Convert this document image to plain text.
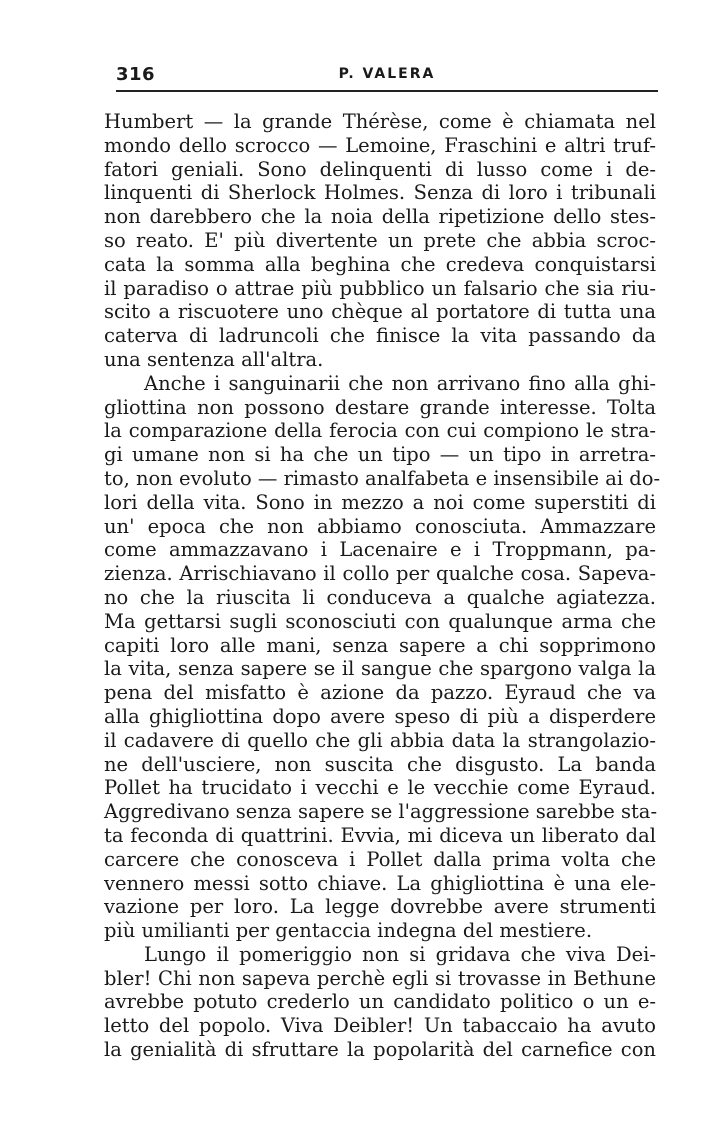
316	P. VALERA
Humbert — la grande Thérèse, come è chiamata nel
mondo dello scrocco — Lemoine, Fraschini e altri truf-
fatori geniali. Sono delinquenti di lusso come i de-
linquenti di Sherlock Holmes. Senza di loro i tribunali
non darebbero che la noia della ripetizione dello stes-
so reato. E' più divertente un prete che abbia scroc-
cata la somma alla beghina che credeva conquistarsi
il paradiso o attrae più pubblico un falsario che sia riu-
scito a riscuotere uno chèque al portatore di tutta una
caterva di ladruncoli che finisce la vita passando da
una sentenza all'altra.
Anche i sanguinarii che non arrivano fino alla ghi-
gliottina non possono destare grande interesse. Tolta
la comparazione della ferocia con cui compiono le stra-
gi umane non si ha che un tipo — un tipo in arretra-
to, non evoluto — rimasto analfabeta e insensibile ai do-
lori della vita. Sono in mezzo a noi come superstiti di
un' epoca che non abbiamo conosciuta. Ammazzare
come ammazzavano i Lacenaire e i Troppmann, pa-
zienza. Arrischiavano il collo per qualche cosa. Sapeva-
no che la riuscita li conduceva a qualche agiatezza.
Ma gettarsi sugli sconosciuti con qualunque arma che
capiti loro alle mani, senza sapere a chi sopprimono
la vita, senza sapere se il sangue che spargono valga la
pena del misfatto è azione da pazzo. Eyraud che va
alla ghigliottina dopo avere speso di più a disperdere
il cadavere di quello che gli abbia data la strangolazio-
ne dell'usciere, non suscita che disgusto. La banda
Pollet ha trucidato i vecchi e le vecchie come Eyraud.
Aggredivano senza sapere se l'aggressione sarebbe sta-
ta feconda di quattrini. Evvia, mi diceva un liberato dal
carcere che conosceva i Pollet dalla prima volta che
vennero messi sotto chiave. La ghigliottina è una ele-
vazione per loro. La legge dovrebbe avere strumenti
più umilianti per gentaccia indegna del mestiere.
Lungo il pomeriggio non si gridava che viva Dei-
bler! Chi non sapeva perchè egli si trovasse in Bethune
avrebbe potuto crederlo un candidato politico o un e-
letto del popolo. Viva Deibler! Un tabaccaio ha avuto
la genialità di sfruttare la popolarità del carnefice con
